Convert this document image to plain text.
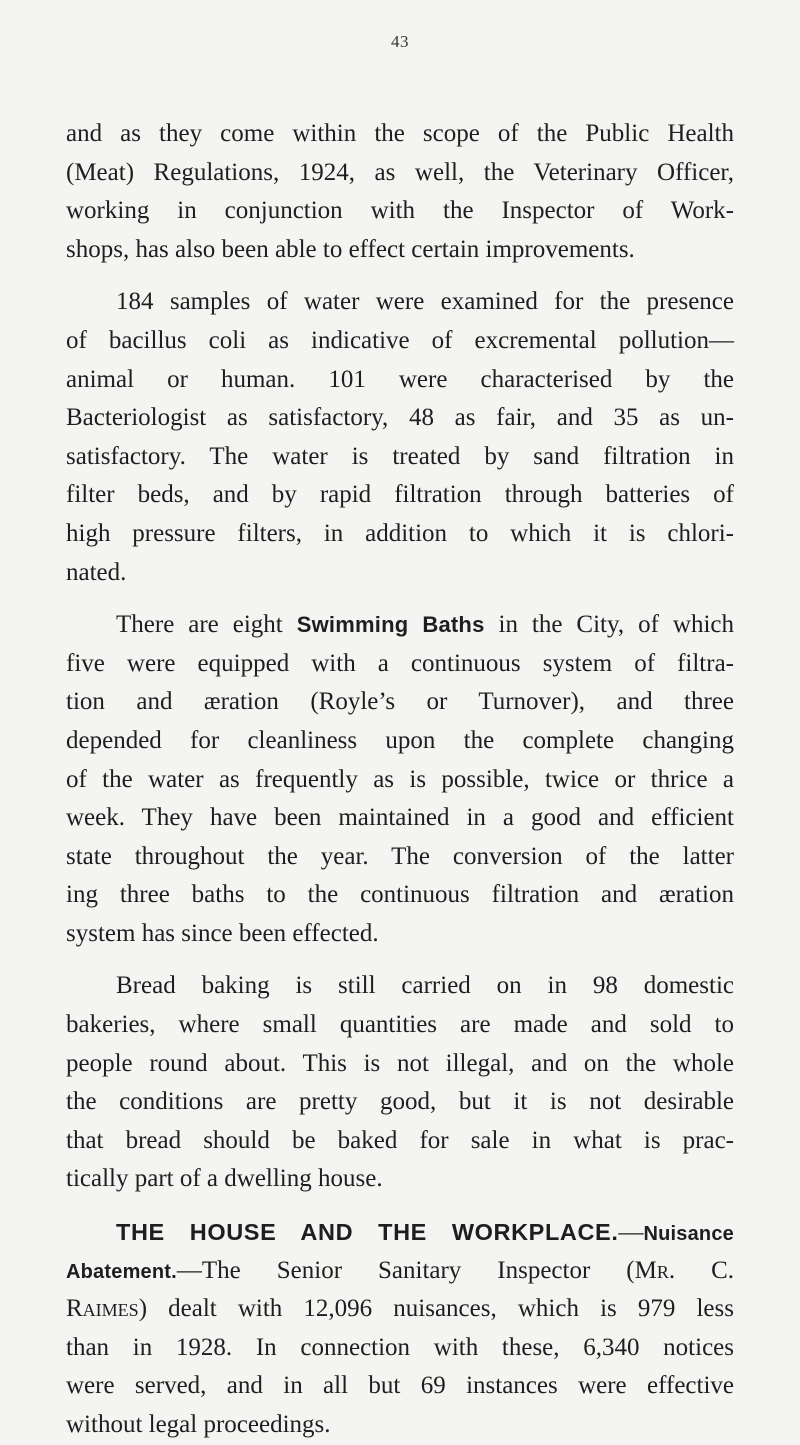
43
and as they come within the scope of the Public Health
(Meat) Regulations, 1924, as well, the Veterinary Officer,
working in conjunction with the Inspector of Work-
shops, has also been able to effect certain improvements.
184 samples of water were examined for the presence
of bacillus coli as indicative of excremental pollution—
animal or human. 101 were characterised by the
Bacteriologist as satisfactory, 48 as fair, and 35 as un-
satisfactory. The water is treated by sand filtration in
filter beds, and by rapid filtration through batteries of
high pressure filters, in addition to which it is chlori-
nated.
There are eight Swimming Baths in the City, of which
five were equipped with a continuous system of filtra-
tion and æration (Royle’s or Turnover), and three
depended for cleanliness upon the complete changing
of the water as frequently as is possible, twice or thrice a
week. They have been maintained in a good and efficient
state throughout the year. The conversion of the latter
ing three baths to the continuous filtration and æration
system has since been effected.
Bread baking is still carried on in 98 domestic
bakeries, where small quantities are made and sold to
people round about. This is not illegal, and on the whole
the conditions are pretty good, but it is not desirable
that bread should be baked for sale in what is prac-
tically part of a dwelling house.
THE HOUSE AND THE WORKPLACE.—Nuisance
Abatement.—The Senior Sanitary Inspector (Mr. C.
Raimes) dealt with 12,096 nuisances, which is 979 less
than in 1928. In connection with these, 6,340 notices
were served, and in all but 69 instances were effective
without legal proceedings.
